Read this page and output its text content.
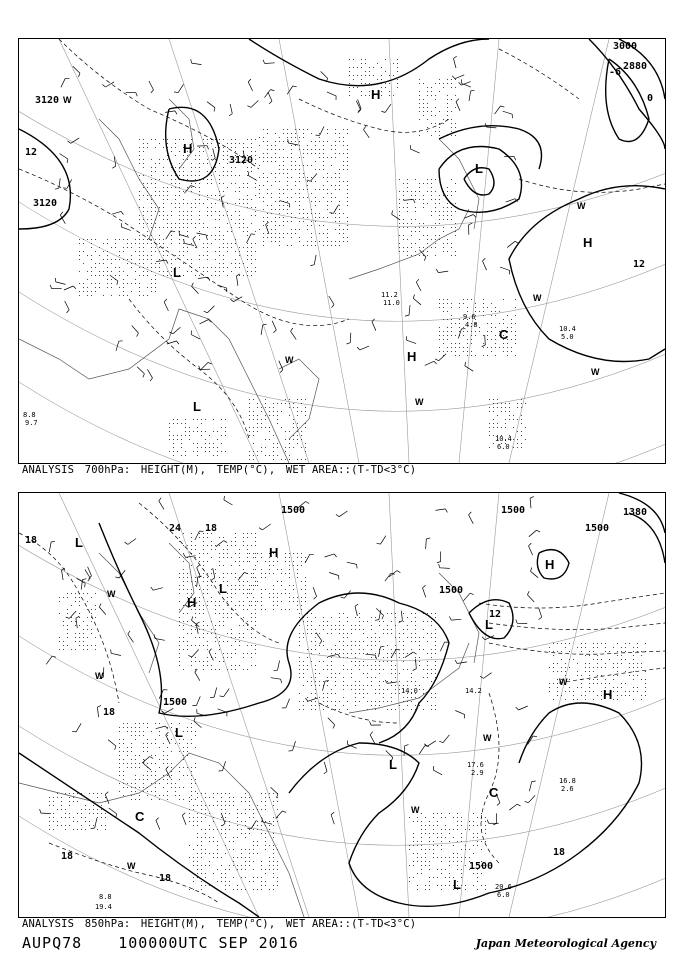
3000
2880
3120
3120
3120
12
12
0
-6
H
H
H
H
L
L
L
C
W
W
W
W
W
W
10.4
6.0
10.4
5.0
9.6
4.8
11.2
11.0
8.8
9.7
ANALYSIS 700hPa: HEIGHT(M), TEMP(°C), WET AREA::(T-TD<3°C)
1500	1500
1500
1500
1500
1500
1380
18
18
18
18
18
18
24
12
H
H
H
H
L
L
L
L
L
L
C
C
W
W
W
W
W
W
20.6
6.0
16.8
2.6
17.6
2.9
14.0	14.2
19.4
8.8
ANALYSIS 850hPa: HEIGHT(M), TEMP(°C), WET AREA::(T-TD<3°C)
AUPQ78 100000UTC SEP 2016	Japan Meteorological Agency
